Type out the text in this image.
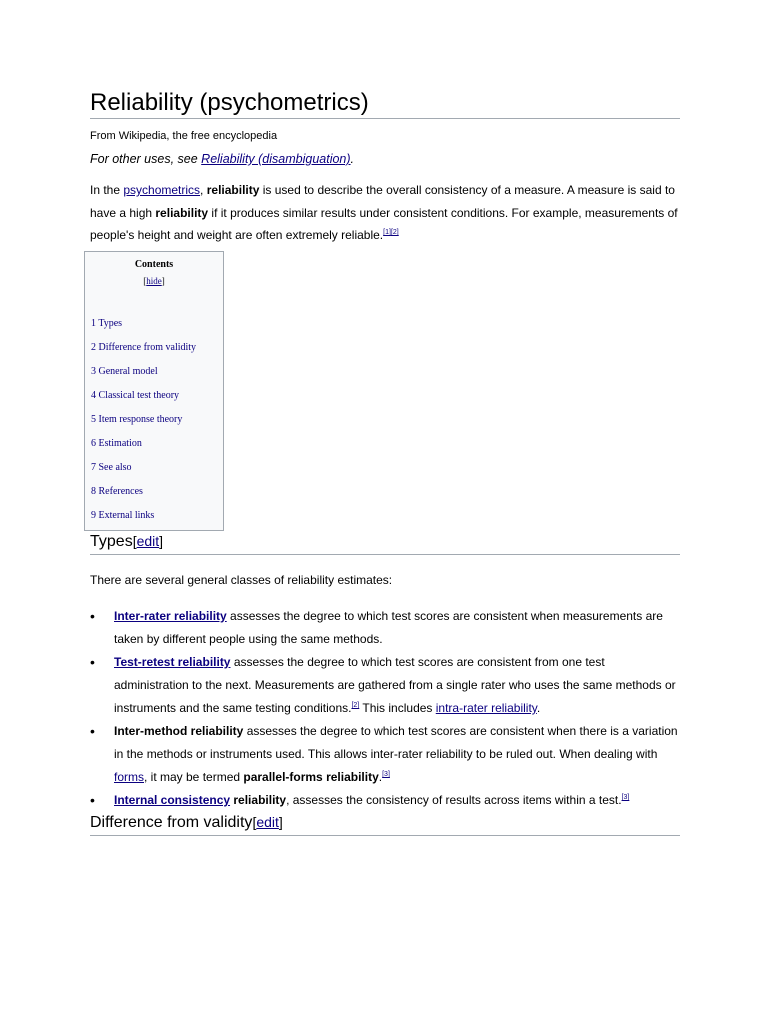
Reliability (psychometrics)
From Wikipedia, the free encyclopedia
For other uses, see Reliability (disambiguation).
In the psychometrics, reliability is used to describe the overall consistency of a measure. A measure is said to have a high reliability if it produces similar results under consistent conditions. For example, measurements of people's height and weight are often extremely reliable.[1][2]
Contents
[hide]
1 Types
2 Difference from validity
3 General model
4 Classical test theory
5 Item response theory
6 Estimation
7 See also
8 References
9 External links
Types[edit]
There are several general classes of reliability estimates:
• Inter-rater reliability assesses the degree to which test scores are consistent when measurements are taken by different people using the same methods.
• Test-retest reliability assesses the degree to which test scores are consistent from one test administration to the next. Measurements are gathered from a single rater who uses the same methods or instruments and the same testing conditions.[2] This includes intra-rater reliability.
• Inter-method reliability assesses the degree to which test scores are consistent when there is a variation in the methods or instruments used. This allows inter-rater reliability to be ruled out. When dealing with forms, it may be termed parallel-forms reliability.[3]
• Internal consistency reliability, assesses the consistency of results across items within a test.[3]
Difference from validity[edit]
